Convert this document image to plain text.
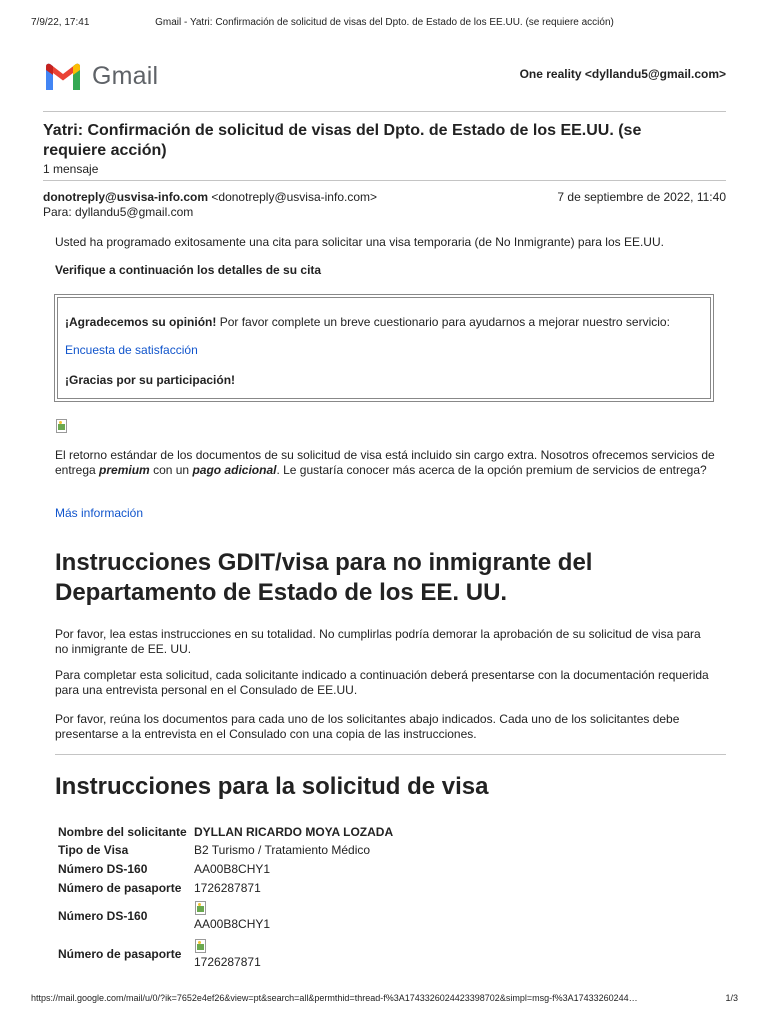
7/9/22, 17:41	Gmail - Yatri: Confirmación de solicitud de visas del Dpto. de Estado de los EE.UU. (se requiere acción)
Gmail	One reality <dyllandu5@gmail.com>
Yatri: Confirmación de solicitud de visas del Dpto. de Estado de los EE.UU. (se requiere acción)
1 mensaje
donotreply@usvisa-info.com <donotreply@usvisa-info.com>	7 de septiembre de 2022, 11:40
Para: dyllandu5@gmail.com
Usted ha programado exitosamente una cita para solicitar una visa temporaria (de No Inmigrante) para los EE.UU.
Verifique a continuación los detalles de su cita
¡Agradecemos su opinión! Por favor complete un breve cuestionario para ayudarnos a mejorar nuestro servicio:
Encuesta de satisfacción
¡Gracias por su participación!
El retorno estándar de los documentos de su solicitud de visa está incluido sin cargo extra. Nosotros ofrecemos servicios de entrega premium con un pago adicional. Le gustaría conocer más acerca de la opción premium de servicios de entrega?
Más información
Instrucciones GDIT/visa para no inmigrante del Departamento de Estado de los EE. UU.
Por favor, lea estas instrucciones en su totalidad. No cumplirlas podría demorar la aprobación de su solicitud de visa para no inmigrante de EE. UU.
Para completar esta solicitud, cada solicitante indicado a continuación deberá presentarse con la documentación requerida para una entrevista personal en el Consulado de EE.UU.
Por favor, reúna los documentos para cada uno de los solicitantes abajo indicados. Cada uno de los solicitantes debe presentarse a la entrevista en el Consulado con una copia de las instrucciones.
Instrucciones para la solicitud de visa
Nombre del solicitante	DYLLAN RICARDO MOYA LOZADA
Tipo de Visa	B2 Turismo / Tratamiento Médico
Número DS-160	AA00B8CHY1
Número de pasaporte	1726287871
Número DS-160	AA00B8CHY1

Número de pasaporte	1726287871
https://mail.google.com/mail/u/0/?ik=7652e4ef26&view=pt&search=all&permthid=thread-f%3A1743326024423398702&simpl=msg-f%3A17433260244…	1/3
